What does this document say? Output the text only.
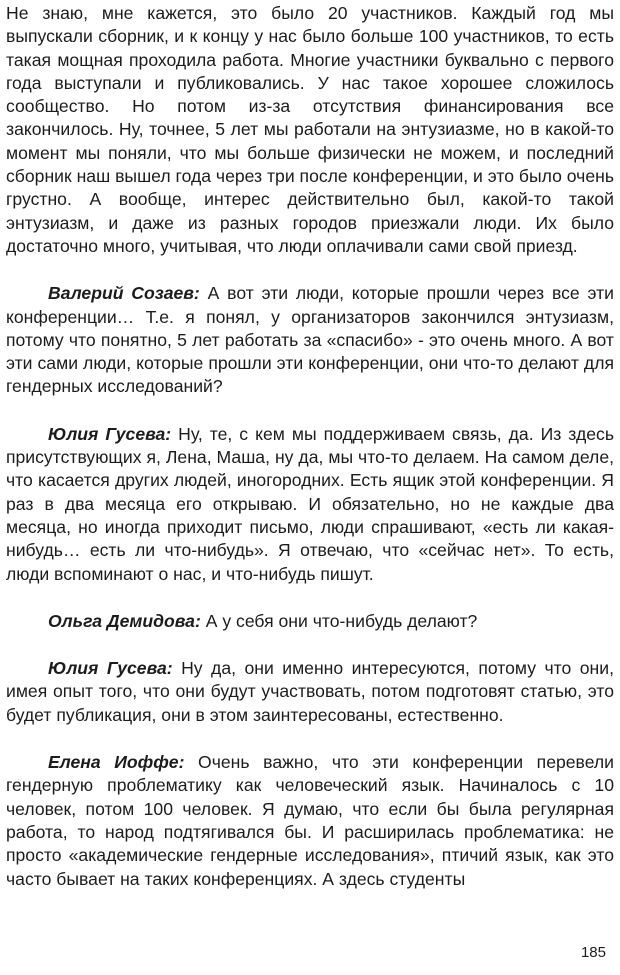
Не знаю, мне кажется, это было 20 участников. Каждый год мы выпускали сборник, и к концу у нас было больше 100 участников, то есть такая мощная проходила работа. Многие участники буквально с первого года выступали и публиковались. У нас такое хорошее сложилось сообщество. Но потом из-за отсутствия финансирования все закончилось. Ну, точнее, 5 лет мы работали на энтузиазме, но в какой-то момент мы поняли, что мы больше физически не можем, и последний сборник наш вышел года через три после конференции, и это было очень грустно. А вообще, интерес действительно был, какой-то такой энтузиазм, и даже из разных городов приезжали люди. Их было достаточно много, учитывая, что люди оплачивали сами свой приезд.

Валерий Созаев: А вот эти люди, которые прошли через все эти конференции… Т.е. я понял, у организаторов закончился энтузиазм, потому что понятно, 5 лет работать за «спасибо» - это очень много. А вот эти сами люди, которые прошли эти конференции, они что-то делают для гендерных исследований?

Юлия Гусева: Ну, те, с кем мы поддерживаем связь, да. Из здесь присутствующих я, Лена, Маша, ну да, мы что-то делаем. На самом деле, что касается других людей, иногородних. Есть ящик этой конференции. Я раз в два месяца его открываю. И обязательно, но не каждые два месяца, но иногда приходит письмо, люди спрашивают, «есть ли какая-нибудь… есть ли что-нибудь». Я отвечаю, что «сейчас нет». То есть, люди вспоминают о нас, и что-нибудь пишут.

Ольга Демидова: А у себя они что-нибудь делают?

Юлия Гусева: Ну да, они именно интересуются, потому что они, имея опыт того, что они будут участвовать, потом подготовят статью, это будет публикация, они в этом заинтересованы, естественно.

Елена Иоффе: Очень важно, что эти конференции перевели гендерную проблематику как человеческий язык. Начиналось с 10 человек, потом 100 человек. Я думаю, что если бы была регулярная работа, то народ подтягивался бы. И расширилась проблематика: не просто «академические гендерные исследования», птичий язык, как это часто бывает на таких конференциях. А здесь студенты

185
